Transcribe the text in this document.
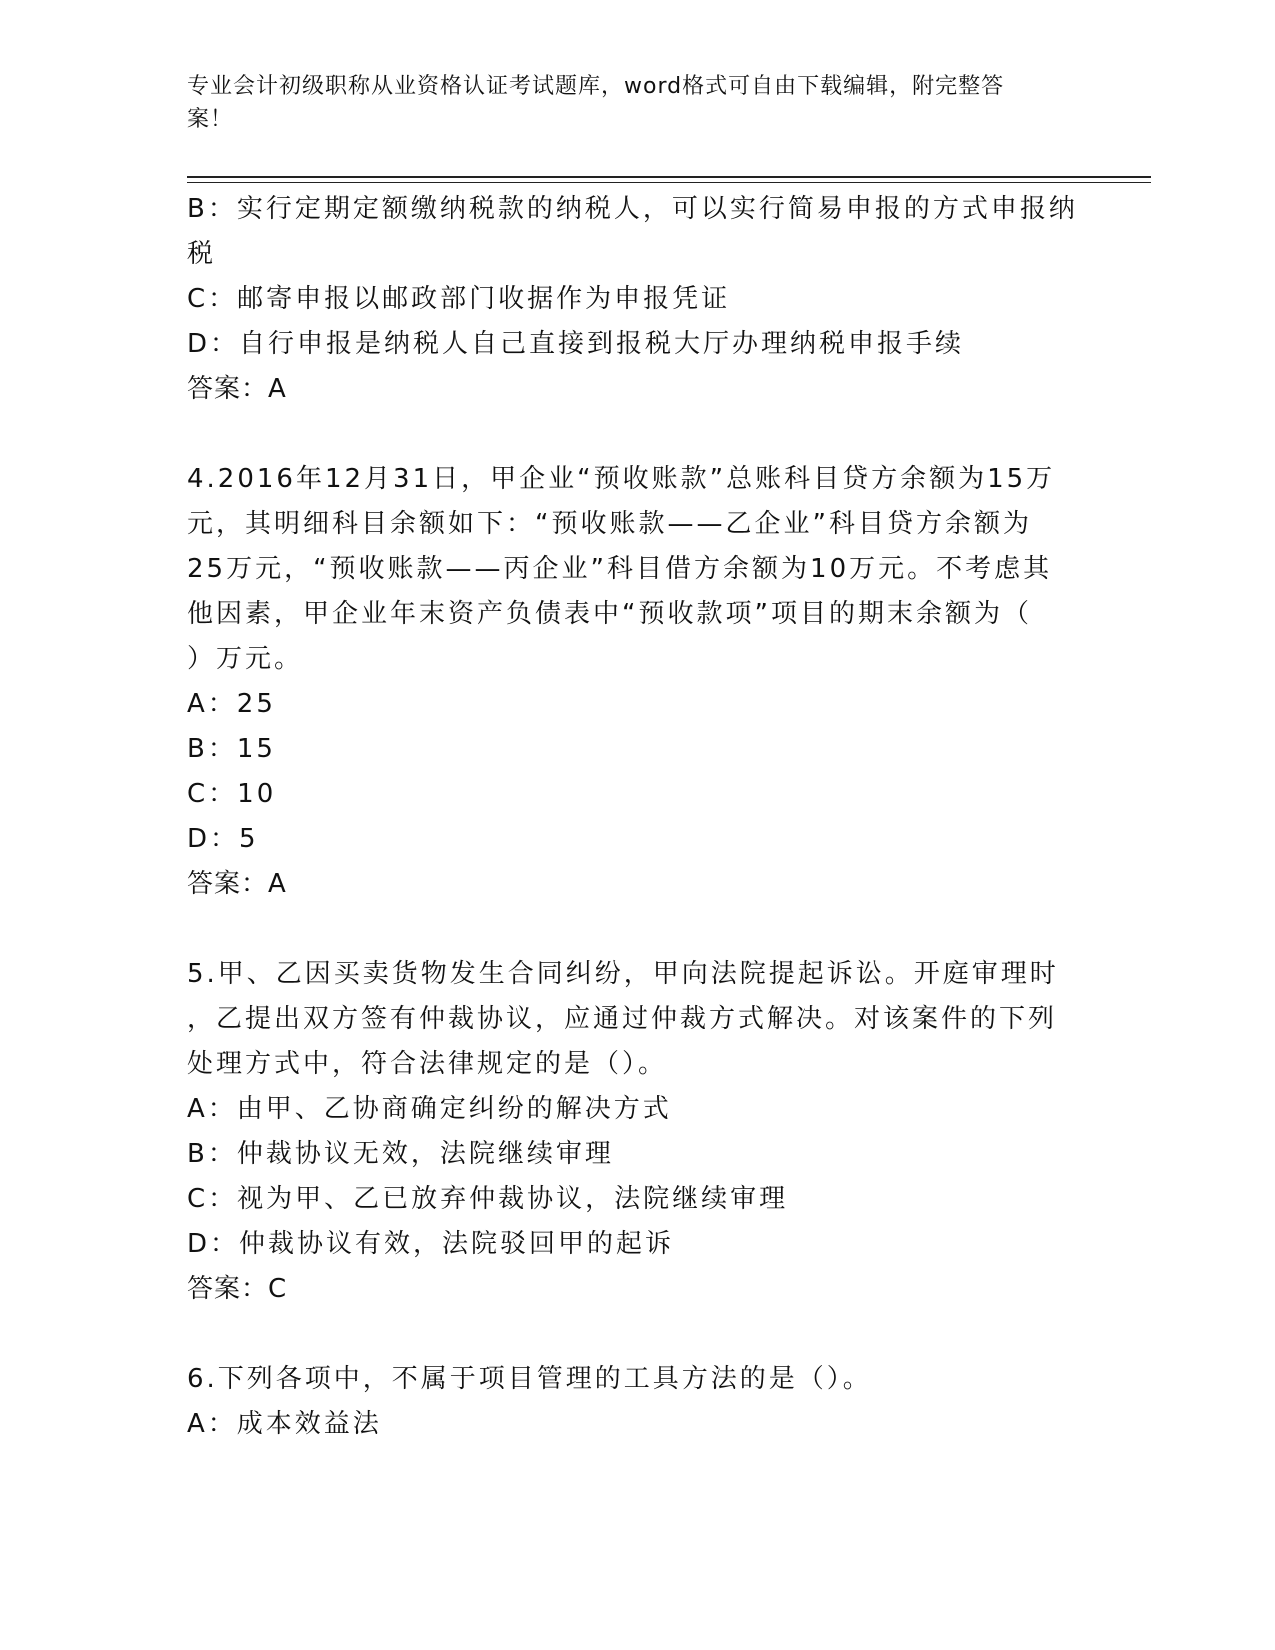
专业会计初级职称从业资格认证考试题库，word格式可自由下载编辑，附完整答
案！
B：实行定期定额缴纳税款的纳税人，可以实行简易申报的方式申报纳
税
C：邮寄申报以邮政部门收据作为申报凭证
D：自行申报是纳税人自己直接到报税大厅办理纳税申报手续
答案：A
4.2016年12月31日，甲企业“预收账款”总账科目贷方余额为15万
元，其明细科目余额如下：“预收账款——乙企业”科目贷方余额为
25万元，“预收账款——丙企业”科目借方余额为10万元。不考虑其
他因素，甲企业年末资产负债表中“预收款项”项目的期末余额为（
）万元。
A：25
B：15
C：10
D：5
答案：A
5.甲、乙因买卖货物发生合同纠纷，甲向法院提起诉讼。开庭审理时
，乙提出双方签有仲裁协议，应通过仲裁方式解决。对该案件的下列
处理方式中，符合法律规定的是（）。
A：由甲、乙协商确定纠纷的解决方式
B：仲裁协议无效，法院继续审理
C：视为甲、乙已放弃仲裁协议，法院继续审理
D：仲裁协议有效，法院驳回甲的起诉
答案：C
6.下列各项中，不属于项目管理的工具方法的是（）。
A：成本效益法
